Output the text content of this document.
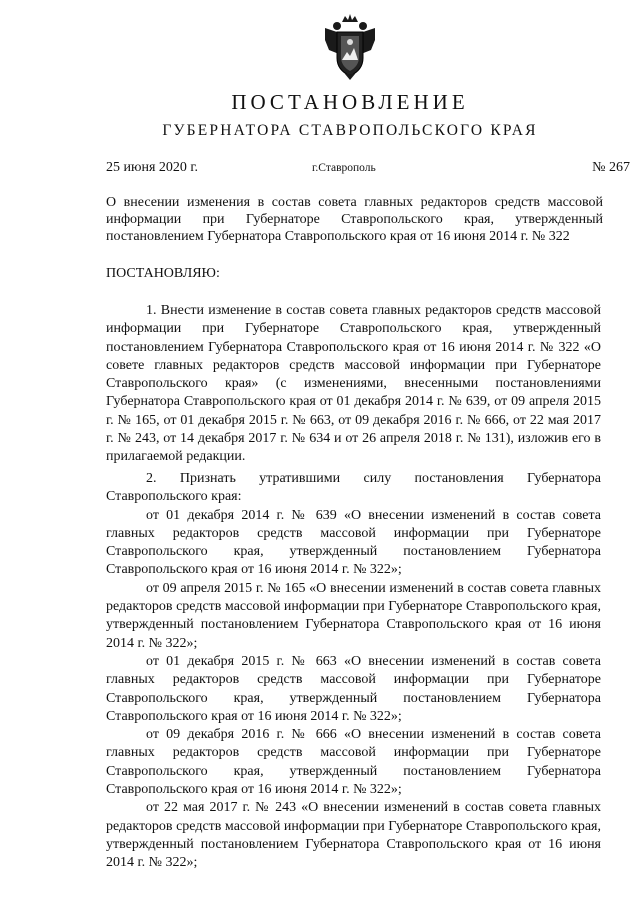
ПОСТАНОВЛЕНИЕ
ГУБЕРНАТОРА СТАВРОПОЛЬСКОГО КРАЯ

25 июня 2020 г.	г.Ставрополь	№ 267

О внесении изменения в состав совета главных редакторов средств массовой информации при Губернаторе Ставропольского края, утвержденный постановлением Губернатора Ставропольского края от 16 июня 2014 г. № 322

ПОСТАНОВЛЯЮ:

1. Внести изменение в состав совета главных редакторов средств массовой информации при Губернаторе Ставропольского края, утвержденный постановлением Губернатора Ставропольского края от 16 июня 2014 г. № 322 «О совете главных редакторов средств массовой информации при Губернаторе Ставропольского края» (с изменениями, внесенными постановлениями Губернатора Ставропольского края от 01 декабря 2014 г. № 639, от 09 апреля 2015 г. № 165, от 01 декабря 2015 г. № 663, от 09 декабря 2016 г. № 666, от 22 мая 2017 г. № 243, от 14 декабря 2017 г. № 634 и от 26 апреля 2018 г. № 131), изложив его в прилагаемой редакции.

2. Признать утратившими силу постановления Губернатора Ставропольского края:

от 01 декабря 2014 г. № 639 «О внесении изменений в состав совета главных редакторов средств массовой информации при Губернаторе Ставропольского края, утвержденный постановлением Губернатора Ставропольского края от 16 июня 2014 г. № 322»;

от 09 апреля 2015 г. № 165 «О внесении изменений в состав совета главных редакторов средств массовой информации при Губернаторе Ставропольского края, утвержденный постановлением Губернатора Ставропольского края от 16 июня 2014 г. № 322»;

от 01 декабря 2015 г. № 663 «О внесении изменений в состав совета главных редакторов средств массовой информации при Губернаторе Ставропольского края, утвержденный постановлением Губернатора Ставропольского края от 16 июня 2014 г. № 322»;

от 09 декабря 2016 г. № 666 «О внесении изменений в состав совета главных редакторов средств массовой информации при Губернаторе Ставропольского края, утвержденный постановлением Губернатора Ставропольского края от 16 июня 2014 г. № 322»;

от 22 мая 2017 г. № 243 «О внесении изменений в состав совета главных редакторов средств массовой информации при Губернаторе Ставропольского края, утвержденный постановлением Губернатора Ставропольского края от 16 июня 2014 г. № 322»;
